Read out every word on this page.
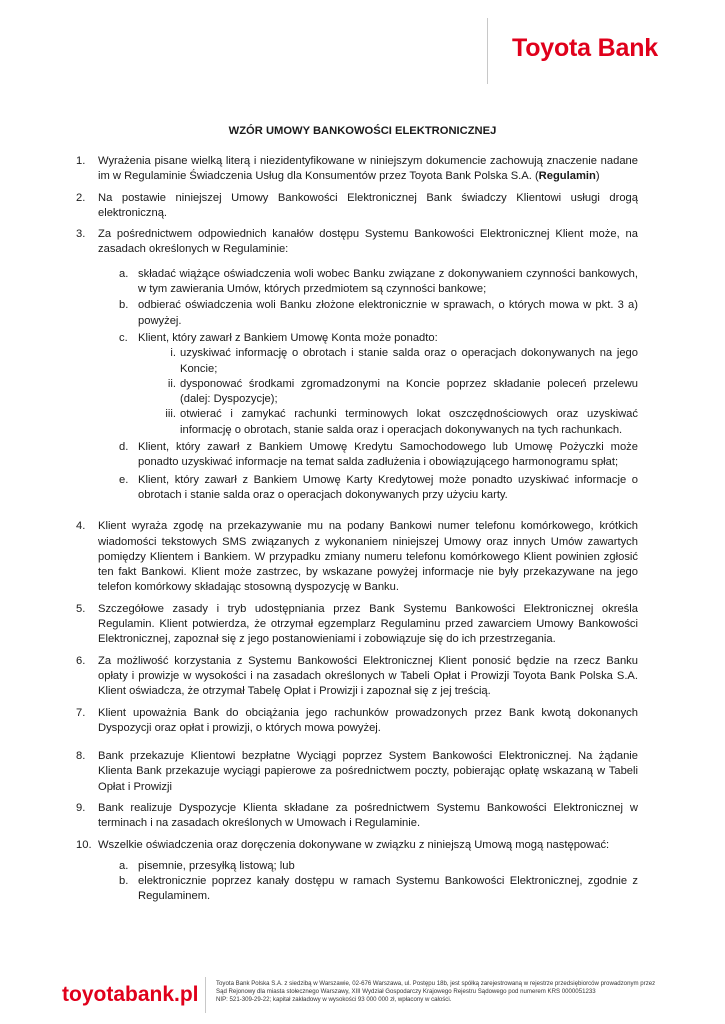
Toyota Bank
WZÓR UMOWY BANKOWOŚCI ELEKTRONICZNEJ
1.	Wyrażenia pisane wielką literą i niezidentyfikowane w niniejszym dokumencie zachowują znaczenie nadane im w Regulaminie Świadczenia Usług dla Konsumentów przez Toyota Bank Polska S.A. (Regulamin)
2.	Na postawie niniejszej Umowy Bankowości Elektronicznej Bank świadczy Klientowi usługi drogą elektroniczną.
3.	Za pośrednictwem odpowiednich kanałów dostępu Systemu Bankowości Elektronicznej Klient może, na zasadach określonych w Regulaminie:
a. składać wiążące oświadczenia woli wobec Banku związane z dokonywaniem czynności bankowych, w tym zawierania Umów, których przedmiotem są czynności bankowe;
b. odbierać oświadczenia woli Banku złożone elektronicznie w sprawach, o których mowa w pkt. 3 a) powyżej.
c. Klient, który zawarł z Bankiem Umowę Konta może ponadto:
i. uzyskiwać informację o obrotach i stanie salda oraz o operacjach dokonywanych na jego Koncie;
ii. dysponować środkami zgromadzonymi na Koncie poprzez składanie poleceń przelewu (dalej: Dyspozycje);
iii. otwierać i zamykać rachunki terminowych lokat oszczędnościowych oraz uzyskiwać informację o obrotach, stanie salda oraz i operacjach dokonywanych na tych rachunkach.
d. Klient, który zawarł z Bankiem Umowę Kredytu Samochodowego lub Umowę Pożyczki może ponadto uzyskiwać informacje na temat salda zadłużenia i obowiązującego harmonogramu spłat;
e. Klient, który zawarł z Bankiem Umowę Karty Kredytowej może ponadto uzyskiwać informacje o obrotach i stanie salda oraz o operacjach dokonywanych przy użyciu karty.
4.	Klient wyraża zgodę na przekazywanie mu na podany Bankowi numer telefonu komórkowego, krótkich wiadomości tekstowych SMS związanych z wykonaniem niniejszej Umowy oraz innych Umów zawartych pomiędzy Klientem i Bankiem. W przypadku zmiany numeru telefonu komórkowego Klient powinien zgłosić ten fakt Bankowi. Klient może zastrzec, by wskazane powyżej informacje nie były przekazywane na jego telefon komórkowy składając stosowną dyspozycję w Banku.
5.	Szczegółowe zasady i tryb udostępniania przez Bank Systemu Bankowości Elektronicznej określa Regulamin. Klient potwierdza, że otrzymał egzemplarz Regulaminu przed zawarciem Umowy Bankowości Elektronicznej, zapoznał się z jego postanowieniami i zobowiązuje się do ich przestrzegania.
6.	Za możliwość korzystania z Systemu Bankowości Elektronicznej Klient ponosić będzie na rzecz Banku opłaty i prowizje w wysokości i na zasadach określonych w Tabeli Opłat i Prowizji Toyota Bank Polska S.A. Klient oświadcza, że otrzymał Tabelę Opłat i Prowizji i zapoznał się z jej treścią.
7.	Klient upoważnia Bank do obciążania jego rachunków prowadzonych przez Bank kwotą dokonanych Dyspozycji oraz opłat i prowizji, o których mowa powyżej.
8.	Bank przekazuje Klientowi bezpłatne Wyciągi poprzez System Bankowości Elektronicznej. Na żądanie Klienta Bank przekazuje wyciągi papierowe za pośrednictwem poczty, pobierając opłatę wskazaną w Tabeli Opłat i Prowizji
9.	Bank realizuje Dyspozycje Klienta składane za pośrednictwem Systemu Bankowości Elektronicznej w terminach i na zasadach określonych w Umowach i Regulaminie.
10. Wszelkie oświadczenia oraz doręczenia dokonywane w związku z niniejszą Umową mogą następować:
a. pisemnie, przesyłką listową; lub
b. elektronicznie poprzez kanały dostępu w ramach Systemu Bankowości Elektronicznej, zgodnie z Regulaminem.
toyotabank.pl	Toyota Bank Polska S.A. z siedzibą w Warszawie, 02-676 Warszawa, ul. Postępu 18b, jest spółką zarejestrowaną w rejestrze przedsiębiorców prowadzonym przez
Sąd Rejonowy dla miasta stołecznego Warszawy, XIII Wydział Gospodarczy Krajowego Rejestru Sądowego pod numerem KRS 0000051233
NIP: 521-309-29-22; kapitał zakładowy w wysokości 93 000 000 zł, wpłacony w całości.
